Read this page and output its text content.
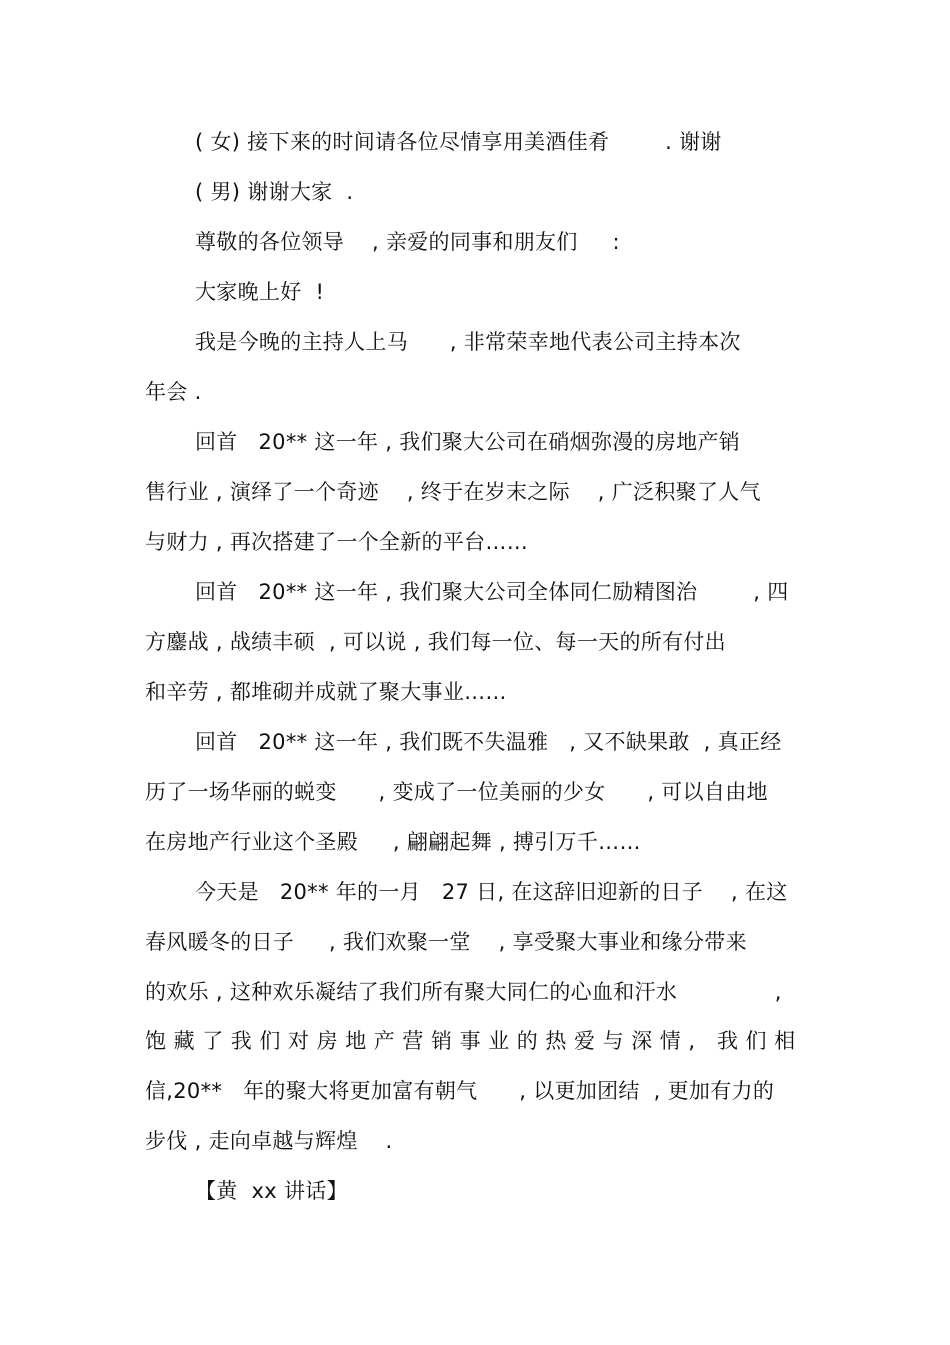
( 女) 接下来的时间请各位尽情享用美酒佳肴        . 谢谢
( 男) 谢谢大家  .
尊敬的各位领导    , 亲爱的同事和朋友们     :
大家晚上好  !
我是今晚的主持人上马      , 非常荣幸地代表公司主持本次
年会 .
回首   20** 这一年 , 我们聚大公司在硝烟弥漫的房地产销
售行业 , 演绎了一个奇迹    , 终于在岁末之际    , 广泛积聚了人气
与财力 , 再次搭建了一个全新的平台……
回首   20** 这一年 , 我们聚大公司全体同仁励精图治        , 四
方鏖战 , 战绩丰硕  , 可以说 , 我们每一位、每一天的所有付出
和辛劳 , 都堆砌并成就了聚大事业……
回首   20** 这一年 , 我们既不失温雅   , 又不缺果敢  , 真正经
历了一场华丽的蜕变      , 变成了一位美丽的少女      , 可以自由地
在房地产行业这个圣殿     , 翩翩起舞 , 搏引万千……
今天是   20** 年的一月   27 日, 在这辞旧迎新的日子    , 在这
春风暖冬的日子     , 我们欢聚一堂    , 享受聚大事业和缘分带来
的欢乐 , 这种欢乐凝结了我们所有聚大同仁的心血和汗水              ,
饱藏了我们对房地产营销事业的热爱与深情, 我们相
信,20**   年的聚大将更加富有朝气      , 以更加团结  , 更加有力的
步伐 , 走向卓越与辉煌    .
【黄  xx 讲话】
